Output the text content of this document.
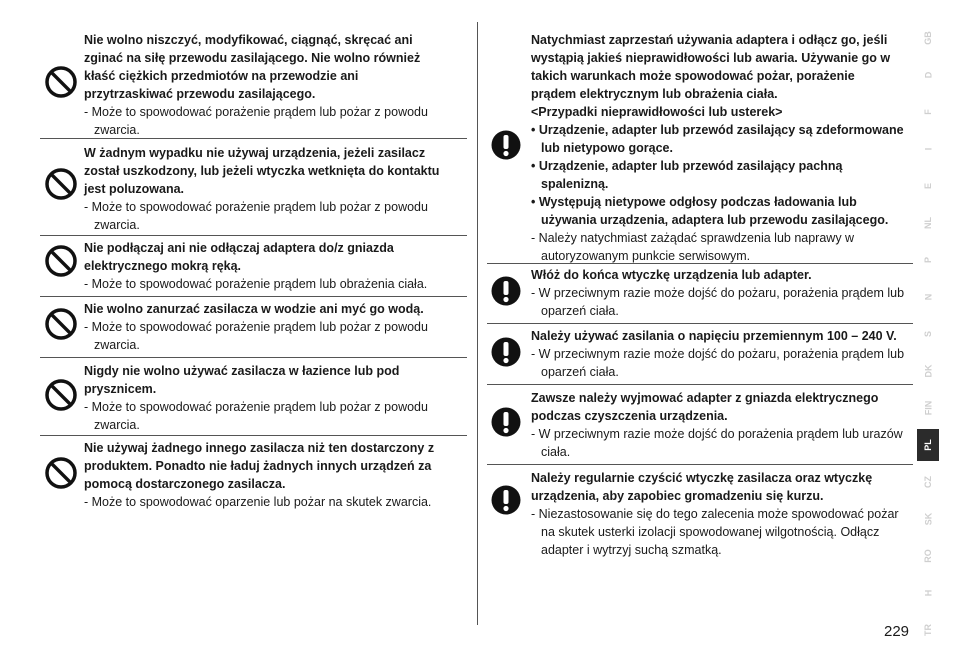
Nie wolno niszczyć, modyfikować, ciągnąć, skręcać ani
zginać na siłę przewodu zasilającego. Nie wolno również
kłaść ciężkich przedmiotów na przewodzie ani
przytrzaskiwać przewodu zasilającego.
- Może to spowodować porażenie prądem lub pożar z powodu zwarcia.
W żadnym wypadku nie używaj urządzenia, jeżeli zasilacz
został uszkodzony, lub jeżeli wtyczka wetknięta do kontaktu
jest poluzowana.
- Może to spowodować porażenie prądem lub pożar z powodu zwarcia.
Nie podłączaj ani nie odłączaj adaptera do/z gniazda
elektrycznego mokrą ręką.
- Może to spowodować porażenie prądem lub obrażenia ciała.
Nie wolno zanurzać zasilacza w wodzie ani myć go wodą.
- Może to spowodować porażenie prądem lub pożar z powodu zwarcia.
Nigdy nie wolno używać zasilacza w łazience lub pod
prysznicem.
- Może to spowodować porażenie prądem lub pożar z powodu zwarcia.
Nie używaj żadnego innego zasilacza niż ten dostarczony z
produktem. Ponadto nie ładuj żadnych innych urządzeń za
pomocą dostarczonego zasilacza.
- Może to spowodować oparzenie lub pożar na skutek zwarcia.
Natychmiast zaprzestań używania adaptera i odłącz go, jeśli
wystąpią jakieś nieprawidłowości lub awaria. Używanie go w
takich warunkach może spowodować pożar, porażenie
prądem elektrycznym lub obrażenia ciała.
<Przypadki nieprawidłowości lub usterek>
• Urządzenie, adapter lub przewód zasilający są zdeformowane lub nietypowo gorące.
• Urządzenie, adapter lub przewód zasilający pachną spalenizną.
• Występują nietypowe odgłosy podczas ładowania lub używania urządzenia, adaptera lub przewodu zasilającego.
- Należy natychmiast zażądać sprawdzenia lub naprawy w autoryzowanym punkcie serwisowym.
Włóż do końca wtyczkę urządzenia lub adapter.
- W przeciwnym razie może dojść do pożaru, porażenia prądem lub oparzeń ciała.
Należy używać zasilania o napięciu przemiennym 100 – 240 V.
- W przeciwnym razie może dojść do pożaru, porażenia prądem lub oparzeń ciała.
Zawsze należy wyjmować adapter z gniazda elektrycznego
podczas czyszczenia urządzenia.
- W przeciwnym razie może dojść do porażenia prądem lub urazów ciała.
Należy regularnie czyścić wtyczkę zasilacza oraz wtyczkę
urządzenia, aby zapobiec gromadzeniu się kurzu.
- Niezastosowanie się do tego zalecenia może spowodować pożar na skutek usterki izolacji spowodowanej wilgotnością. Odłącz adapter i wytrzyj suchą szmatką.
GB
D
F
I
E
NL
P
N
S
DK
FIN
PL
CZ
SK
RO
H
TR
229
